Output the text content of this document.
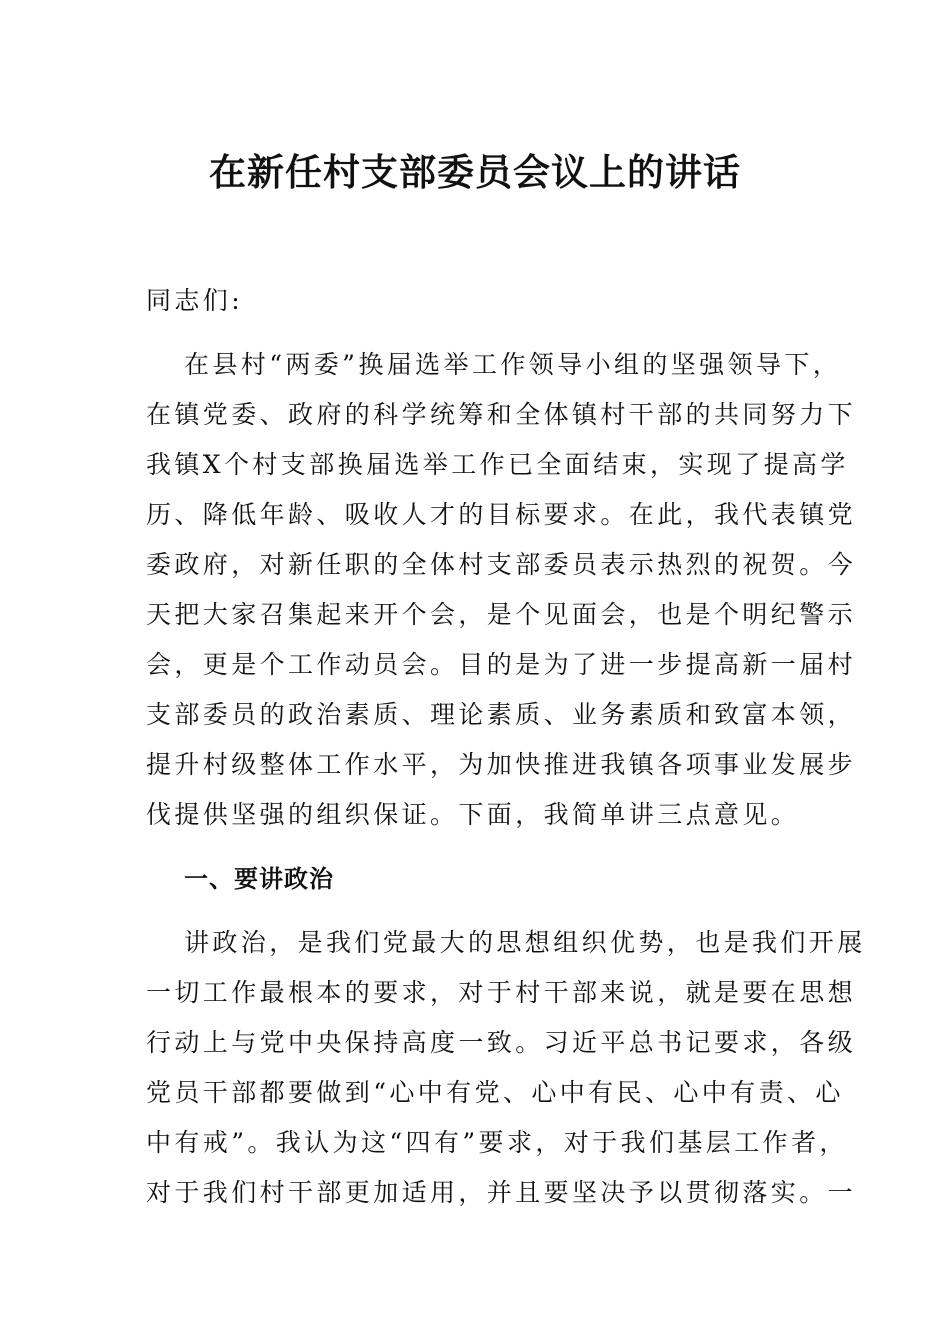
在新任村支部委员会议上的讲话

同志们:

在县村“两委”换届选举工作领导小组的坚强领导下，

在镇党委、政府的科学统筹和全体镇村干部的共同努力下

我镇X个村支部换届选举工作已全面结束，实现了提高学

历、降低年龄、吸收人才的目标要求。在此，我代表镇党

委政府，对新任职的全体村支部委员表示热烈的祝贺。今

天把大家召集起来开个会，是个见面会，也是个明纪警示

会，更是个工作动员会。目的是为了进一步提高新一届村

支部委员的政治素质、理论素质、业务素质和致富本领，

提升村级整体工作水平，为加快推进我镇各项事业发展步

伐提供坚强的组织保证。下面，我简单讲三点意见。

一、要讲政治

讲政治，是我们党最大的思想组织优势，也是我们开展

一切工作最根本的要求，对于村干部来说，就是要在思想

行动上与党中央保持高度一致。习近平总书记要求，各级

党员干部都要做到“心中有党、心中有民、心中有责、心

中有戒”。我认为这“四有”要求，对于我们基层工作者，

对于我们村干部更加适用，并且要坚决予以贯彻落实。一
